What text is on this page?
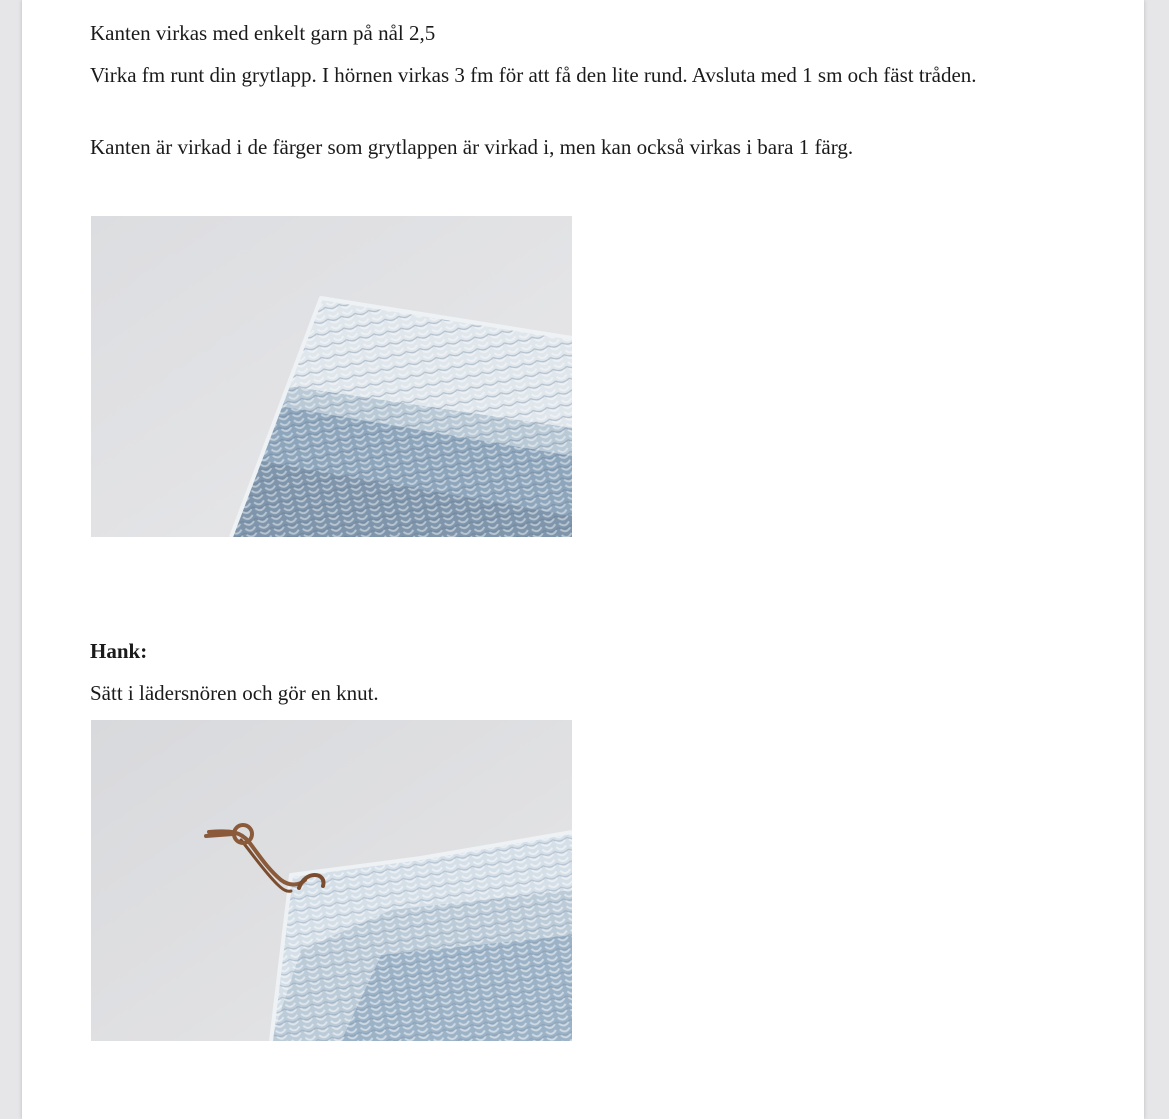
Kanten virkas med enkelt garn på nål 2,5

Virka fm runt din grytlapp. I hörnen virkas 3 fm för att få den lite rund. Avsluta med 1 sm och fäst tråden.

Kanten är virkad i de färger som grytlappen är virkad i, men kan också virkas i bara 1 färg.

Hank:

Sätt i lädersnören och gör en knut.
